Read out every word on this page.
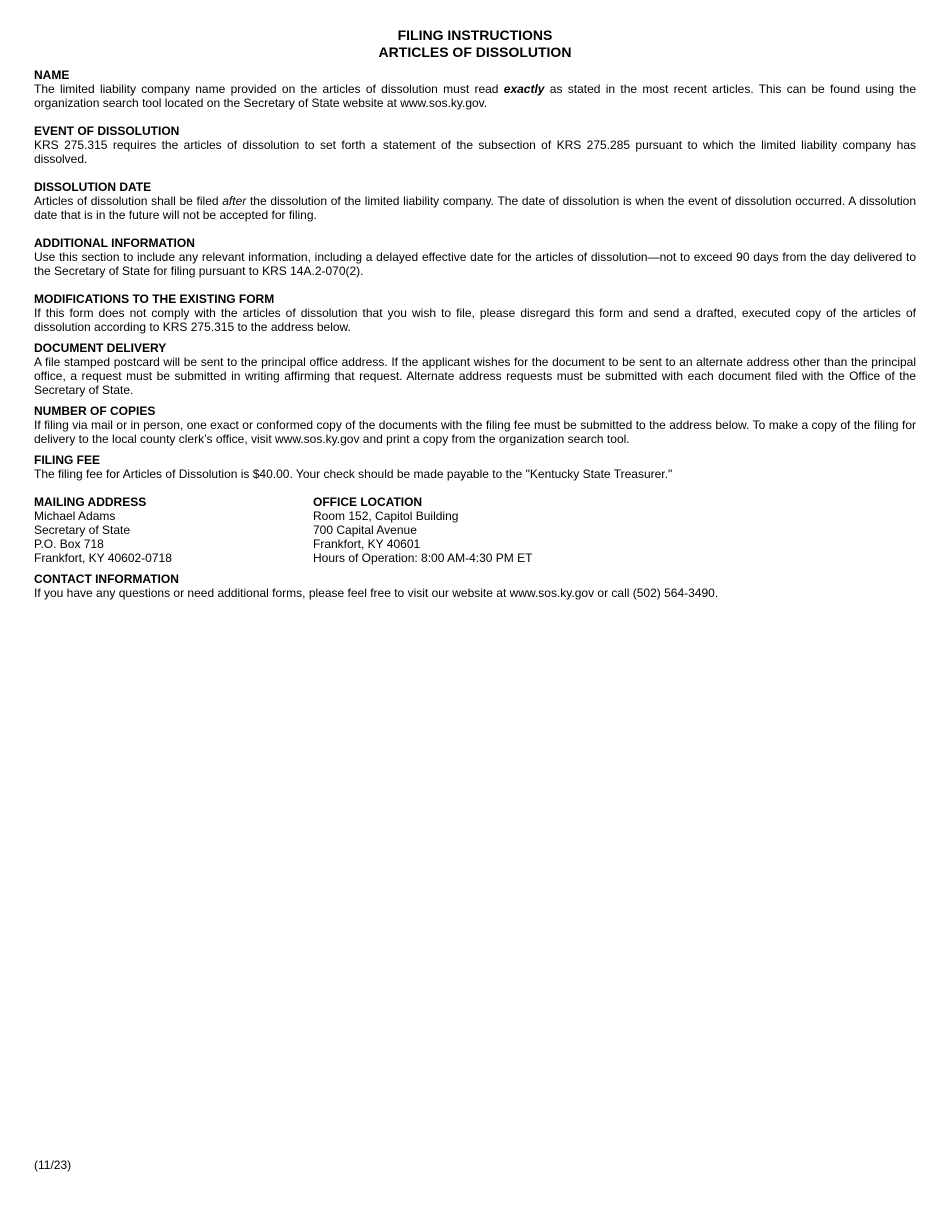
FILING INSTRUCTIONS
ARTICLES OF DISSOLUTION
NAME
The limited liability company name provided on the articles of dissolution must read exactly as stated in the most recent articles. This can be found using the organization search tool located on the Secretary of State website at www.sos.ky.gov.
EVENT OF DISSOLUTION
KRS 275.315 requires the articles of dissolution to set forth a statement of the subsection of KRS 275.285 pursuant to which the limited liability company has dissolved.
DISSOLUTION DATE
Articles of dissolution shall be filed after the dissolution of the limited liability company. The date of dissolution is when the event of dissolution occurred. A dissolution date that is in the future will not be accepted for filing.
ADDITIONAL INFORMATION
Use this section to include any relevant information, including a delayed effective date for the articles of dissolution—not to exceed 90 days from the day delivered to the Secretary of State for filing pursuant to KRS 14A.2-070(2).
MODIFICATIONS TO THE EXISTING FORM
If this form does not comply with the articles of dissolution that you wish to file, please disregard this form and send a drafted, executed copy of the articles of dissolution according to KRS 275.315 to the address below.
DOCUMENT DELIVERY
A file stamped postcard will be sent to the principal office address. If the applicant wishes for the document to be sent to an alternate address other than the principal office, a request must be submitted in writing affirming that request. Alternate address requests must be submitted with each document filed with the Office of the Secretary of State.
NUMBER OF COPIES
If filing via mail or in person, one exact or conformed copy of the documents with the filing fee must be submitted to the address below. To make a copy of the filing for delivery to the local county clerk’s office, visit www.sos.ky.gov and print a copy from the organization search tool.
FILING FEE
The filing fee for Articles of Dissolution is $40.00. Your check should be made payable to the "Kentucky State Treasurer."
MAILING ADDRESS
Michael Adams
Secretary of State
P.O. Box 718
Frankfort, KY 40602-0718
OFFICE LOCATION
Room 152, Capitol Building
700 Capital Avenue
Frankfort, KY 40601
Hours of Operation: 8:00 AM-4:30 PM ET
CONTACT INFORMATION
If you have any questions or need additional forms, please feel free to visit our website at www.sos.ky.gov or call (502) 564-3490.
(11/23)
